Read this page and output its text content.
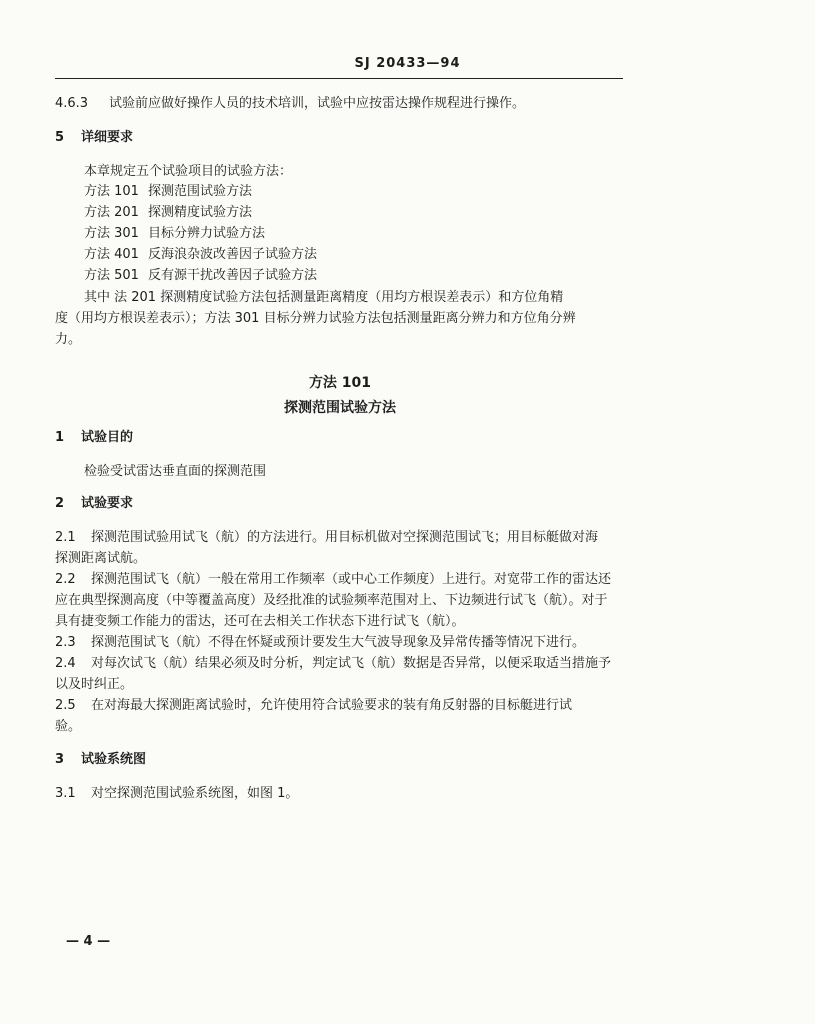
SJ 20433—94
4.6.3 试验前应做好操作人员的技术培训，试验中应按雷达操作规程进行操作。
5 详细要求
本章规定五个试验项目的试验方法：
方法 101 探测范围试验方法
方法 201 探测精度试验方法
方法 301 目标分辨力试验方法
方法 401 反海浪杂波改善因子试验方法
方法 501 反有源干扰改善因子试验方法
其中 法 201 探测精度试验方法包括测量距离精度（用均方根误差表示）和方位角精
度（用均方根误差表示）；方法 301 目标分辨力试验方法包括测量距离分辨力和方位角分辨
力。
方法 101
探测范围试验方法
1 试验目的
检验受试雷达垂直面的探测范围
2 试验要求
2.1 探测范围试验用试飞（航）的方法进行。用目标机做对空探测范围试飞；用目标艇做对海
探测距离试航。
2.2 探测范围试飞（航）一般在常用工作频率（或中心工作频度）上进行。对宽带工作的雷达还
应在典型探测高度（中等覆盖高度）及经批准的试验频率范围对上、下边频进行试飞（航）。对于
具有捷变频工作能力的雷达，还可在去相关工作状态下进行试飞（航）。
2.3 探测范围试飞（航）不得在怀疑或预计要发生大气波导现象及异常传播等情况下进行。
2.4 对每次试飞（航）结果必须及时分析，判定试飞（航）数据是否异常，以便采取适当措施予
以及时纠正。
2.5 在对海最大探测距离试验时，允许使用符合试验要求的装有角反射器的目标艇进行试
验。
3 试验系统图
3.1 对空探测范围试验系统图，如图 1。
— 4 —
